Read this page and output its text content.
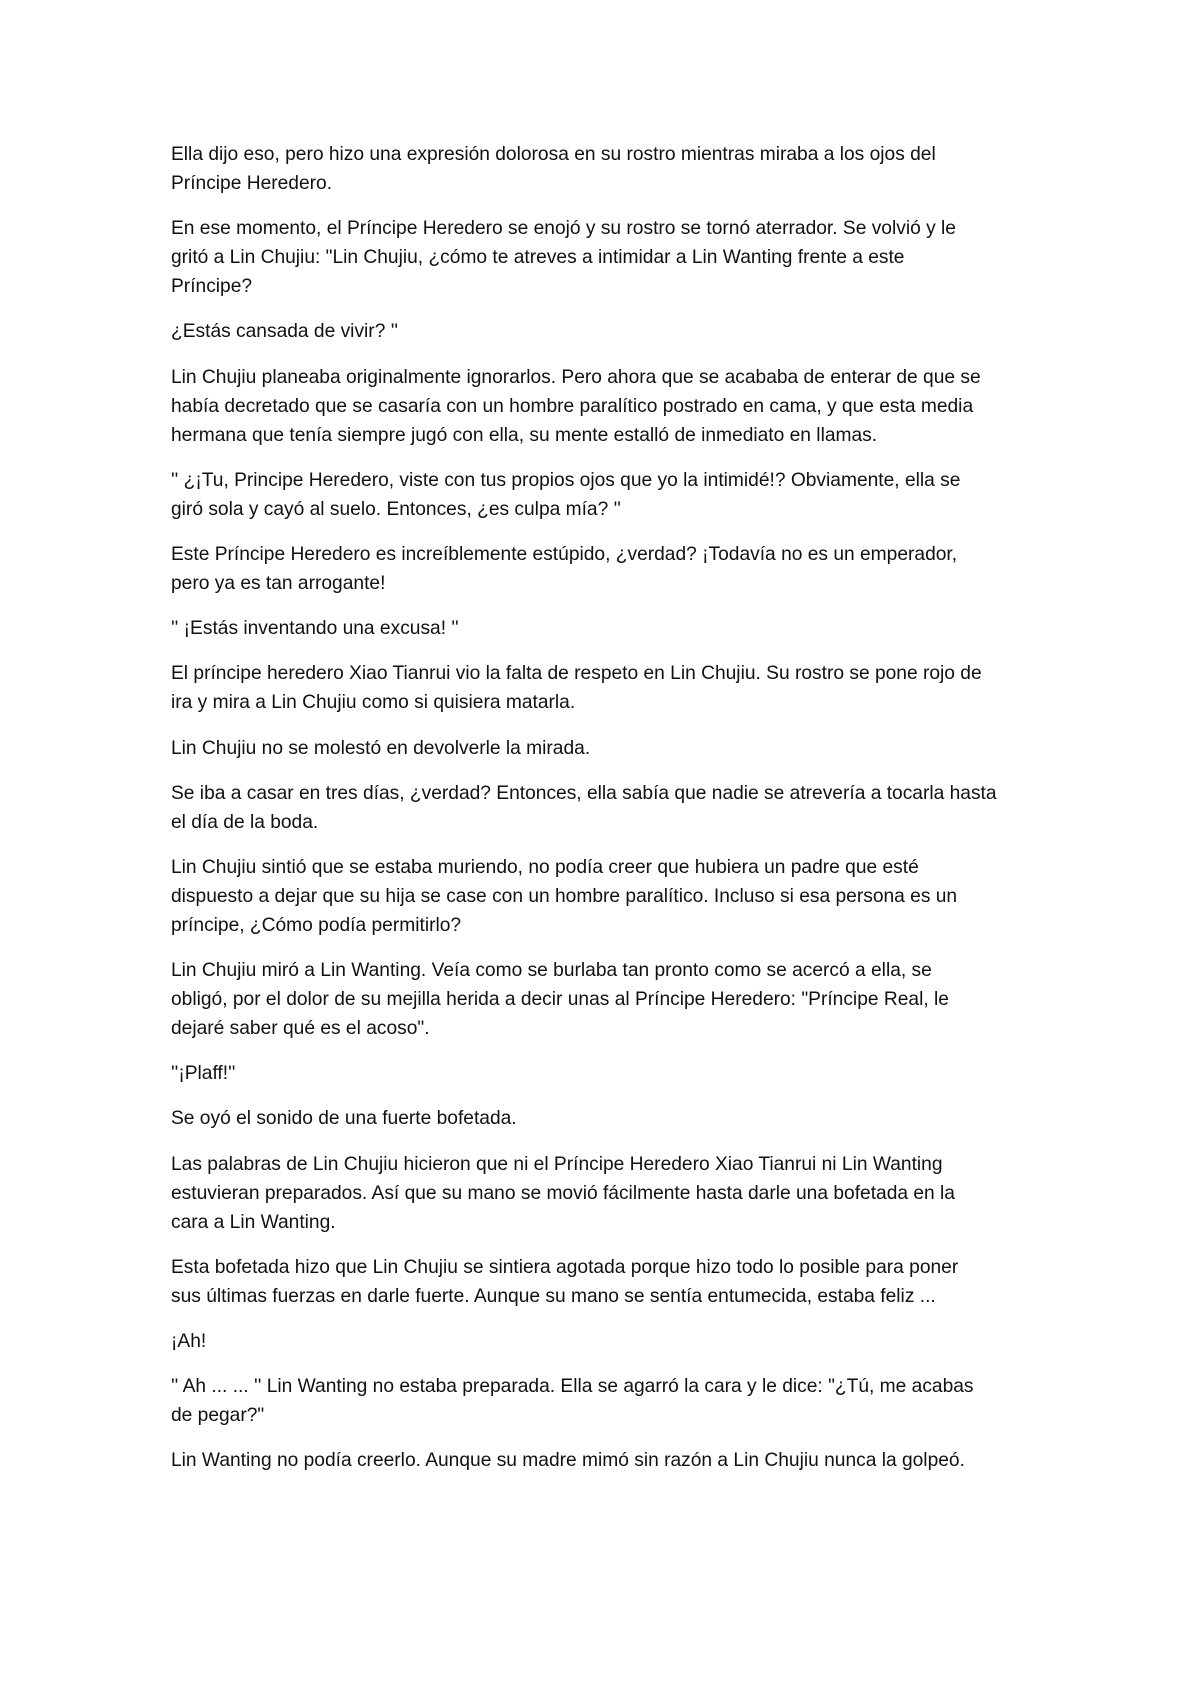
Ella dijo eso, pero hizo una expresión dolorosa en su rostro mientras miraba a los ojos del
Príncipe Heredero.

En ese momento, el Príncipe Heredero se enojó y su rostro se tornó aterrador. Se volvió y le
gritó a Lin Chujiu: "Lin Chujiu, ¿cómo te atreves a intimidar a Lin Wanting frente a este
Príncipe?

¿Estás cansada de vivir? ''

Lin Chujiu planeaba originalmente ignorarlos. Pero ahora que se acababa de enterar de que se
había decretado que se casaría con un hombre paralítico postrado en cama, y que esta media
hermana que tenía siempre jugó con ella, su mente estalló de inmediato en llamas.

'' ¿¡Tu, Principe Heredero, viste con tus propios ojos que yo la intimidé!? Obviamente, ella se
giró sola y cayó al suelo. Entonces, ¿es culpa mía? ''

Este Príncipe Heredero es increíblemente estúpido, ¿verdad? ¡Todavía no es un emperador,
pero ya es tan arrogante!

'' ¡Estás inventando una excusa! ''

El príncipe heredero Xiao Tianrui vio la falta de respeto en Lin Chujiu. Su rostro se pone rojo de
ira y mira a Lin Chujiu como si quisiera matarla.

Lin Chujiu no se molestó en devolverle la mirada.

Se iba a casar en tres días, ¿verdad? Entonces, ella sabía que nadie se atrevería a tocarla hasta
el día de la boda.

Lin Chujiu sintió que se estaba muriendo, no podía creer que hubiera un padre que esté
dispuesto a dejar que su hija se case con un hombre paralítico. Incluso si esa persona es un
príncipe, ¿Cómo podía permitirlo?

Lin Chujiu miró a Lin Wanting. Veía como se burlaba tan pronto como se acercó a ella, se
obligó, por el dolor de su mejilla herida a decir unas al Príncipe Heredero: "Príncipe Real, le
dejaré saber qué es el acoso".

''¡Plaff!''

Se oyó el sonido de una fuerte bofetada.

Las palabras de Lin Chujiu hicieron que ni el Príncipe Heredero Xiao Tianrui ni Lin Wanting
estuvieran preparados. Así que su mano se movió fácilmente hasta darle una bofetada en la
cara a Lin Wanting.

Esta bofetada hizo que Lin Chujiu se sintiera agotada porque hizo todo lo posible para poner
sus últimas fuerzas en darle fuerte. Aunque su mano se sentía entumecida, estaba feliz ...

¡Ah!

'' Ah ... ... '' Lin Wanting no estaba preparada. Ella se agarró la cara y le dice: "¿Tú, me acabas
de pegar?"

Lin Wanting no podía creerlo. Aunque su madre mimó sin razón a Lin Chujiu nunca la golpeó.
